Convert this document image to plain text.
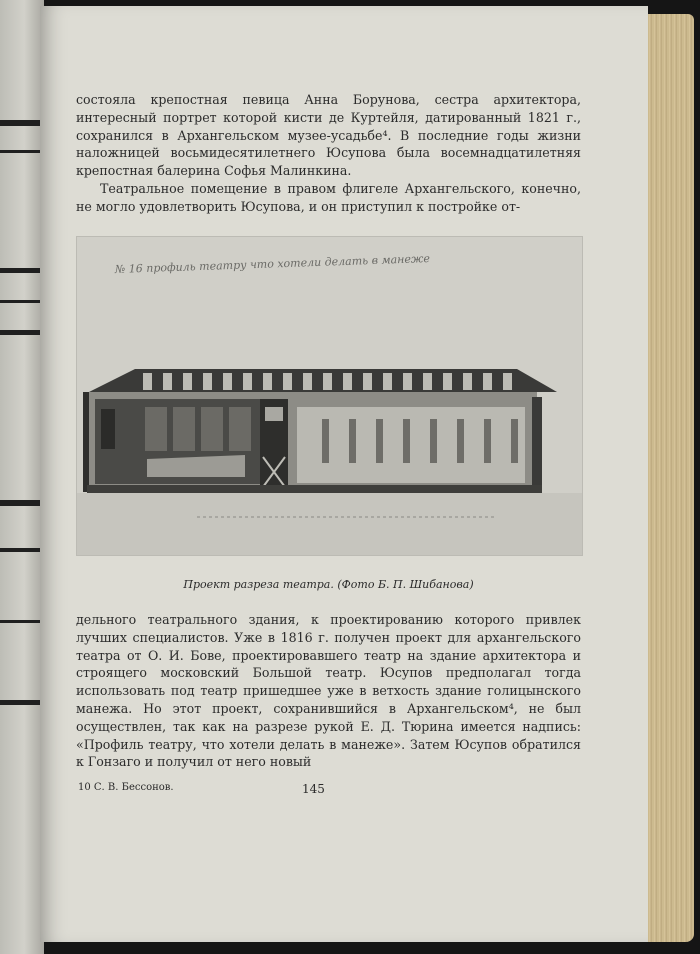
состояла крепостная певица Анна Борунова, сестра архитектора, интересный портрет которой кисти де Куртейля, датированный 1821 г., сохранился в Архангельском музее-усадьбе⁴. В последние годы жизни наложницей восьмидесятилетнего Юсупова была восемнадцатилетняя крепостная балерина Софья Малинкина.

Театральное помещение в правом флигеле Архангельского, конечно, не могло удовлетворить Юсупова, и он приступил к постройке от-

№ 16 профиль театру что хотели делать в манеже
Проект разреза театра. (Фото Б. П. Шибанова)

дельного театрального здания, к проектированию которого привлек лучших специалистов. Уже в 1816 г. получен проект для архангельского театра от О. И. Бове, проектировавшего театр на здание архитектора и строящего московский Большой театр. Юсупов предполагал тогда использовать под театр пришедшее уже в ветхость здание голицынского манежа. Но этот проект, сохранившийся в Архангельском⁴, не был осуществлен, так как на разрезе рукой Е. Д. Тюрина имеется надпись: «Профиль театру, что хотели делать в манеже». Затем Юсупов обратился к Гонзаго и получил от него новый

10 С. В. Бессонов.	145
